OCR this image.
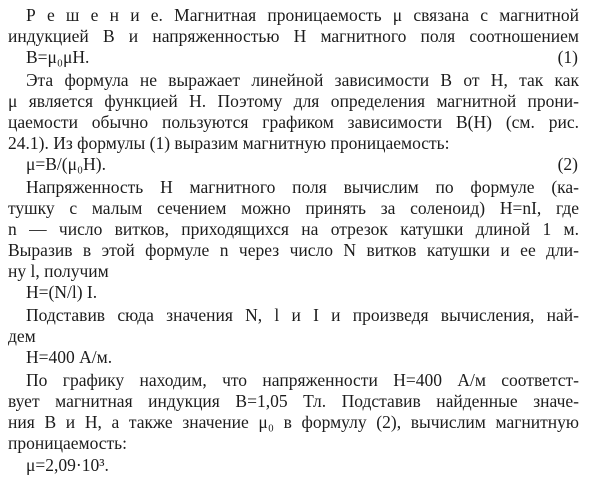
Р е ш е н и е. Магнитная проницаемость μ связана с магнитной
индукцией B и напряженностью H магнитного поля соотношением
B=μ₀μH.	(1)
Эта формула не выражает линейной зависимости B от H, так как
μ является функцией H. Поэтому для определения магнитной прони-
цаемости обычно пользуются графиком зависимости B(H) (см. рис.
24.1). Из формулы (1) выразим магнитную проницаемость:
μ=B/(μ₀H).	(2)
Напряженность H магнитного поля вычислим по формуле (ка-
тушку с малым сечением можно принять за соленоид) H=nI, где
n — число витков, приходящихся на отрезок катушки длиной 1 м.
Выразив в этой формуле n через число N витков катушки и ее дли-
ну l, получим
H=(N/l) I.
Подставив сюда значения N, l и I и произведя вычисления, най-
дем
H=400 А/м.
По графику находим, что напряженности H=400 А/м соответст-
вует магнитная индукция B=1,05 Тл. Подставив найденные значе-
ния B и H, а также значение μ₀ в формулу (2), вычислим магнитную
проницаемость:
μ=2,09·10³.
